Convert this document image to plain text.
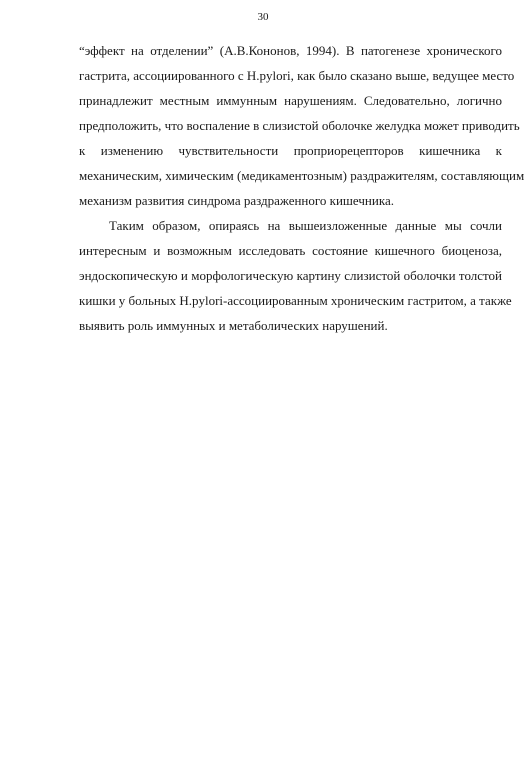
30
“эффект на отделении” (А.В.Кононов, 1994). В патогенезе хронического
гастрита, ассоциированного с H.pylori, как было сказано выше, ведущее место
принадлежит местным иммунным нарушениям. Следовательно, логично
предположить, что воспаление в слизистой оболочке желудка может приводить
к изменению чувствительности проприорецепторов кишечника к
механическим, химическим (медикаментозным) раздражителям, составляющим
механизм развития синдрома раздраженного кишечника.
Таким образом, опираясь на вышеизложенные данные мы сочли
интересным и возможным исследовать состояние кишечного биоценоза,
эндоскопическую и морфологическую картину слизистой оболочки толстой
кишки у больных H.pylori-ассоциированным хроническим гастритом, а также
выявить роль иммунных и метаболических нарушений.
